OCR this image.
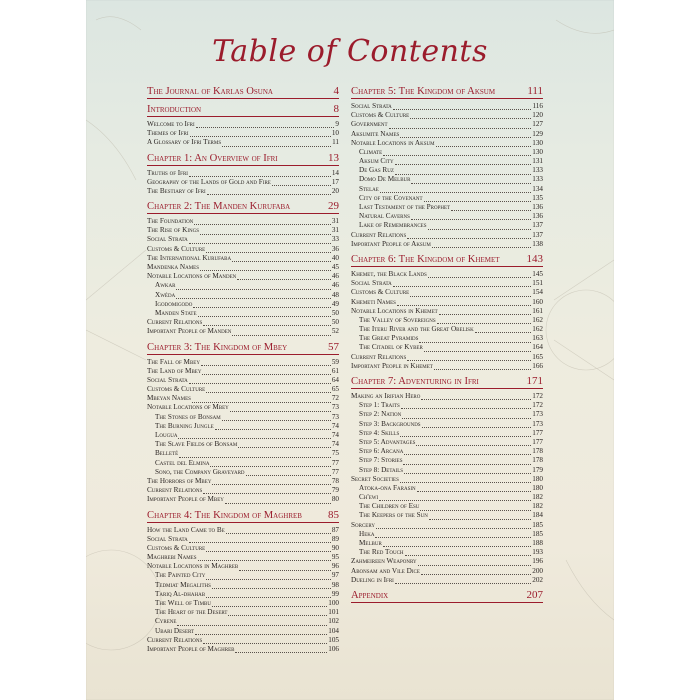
Table of Contents
The Journal of Karlas Osuna	4
Introduction	8
Welcome to Ifri	9
Themes of Ifri	10
A Glossary of Ifri Terms	11
Chapter 1: An Overview of Ifri	13
Truths of Ifri	14
Geography of the Lands of Gold and Fire	17
The Bestiary of Ifri	20
Chapter 2: The Manden Kurufaba	29
The Foundation	31
The Rise of Kings	31
Social Strata	33
Customs & Culture	36
The International Kurufaba	40
Mandenka Names	45
Notable Locations of Manden	46
Awkar	46
Xwéda	48
Igodomigodo	49
Manden State	50
Current Relations	50
Important People of Manden	52
Chapter 3: The Kingdom of Mbey	57
The Fall of Mbey	59
The Land of Mbey	61
Social Strata	64
Customs & Culture	65
Mbeyan Names	72
Notable Locations of Mbey	73
The Stones of Bonsam	73
The Burning Jungle	74
Lougua	74
The Slave Fields of Bonsam	74
Belleté	75
Castel del Elmina	77
Sono, the Company Graveyard	77
The Horrors of Mbey	78
Current Relations	79
Important People of Mbey	80
Chapter 4: The Kingdom of Maghreb 85
How the Land Came to Be	87
Social Strata	89
Customs & Culture	90
Maghrebi Names	95
Notable Locations in Maghreb	96
The Painted City	97
Tedmiat Megaliths	98
Tariq Al-dhahab	99
The Well of Timbu	100
The Heart of the Desert	101
Cyrene	102
Ubari Desert	104
Current Relations	105
Important People of Maghreb	106
Chapter 5: The Kingdom of Aksum	111
Social Strata	116
Customs & Culture	120
Government	127
Aksumite Names	129
Notable Locations in Aksum	130
Climate	130
Aksum City	131
De Gas Ruz	133
Domo De Melbur	133
Stelae	134
City of the Covenant	135
Last Testament of the Prophet	136
Natural Caverns	136
Lake of Remembrances	137
Current Relations	137
Important People of Aksum	138
Chapter 6: The Kingdom of Khemet 143
Khemet, the Black Lands	145
Social Strata	151
Customs & Culture	154
Khemeti Names	160
Notable Locations in Khemet	161
The Valley of Sovereigns	162
The Iteru River and the Great Obelisk	162
The Great Pyramids	163
The Citadel of Kyber	164
Current Relations	165
Important People in Khemet	166
Chapter 7: Adventuring in Ifri	171
Making an Irifian Hero	172
Step 1: Traits	172
Step 2: Nation	173
Step 3: Backgrounds	173
Step 4: Skills	177
Step 5: Advantages	177
Step 6: Arcana	178
Step 7: Stories	178
Step 8: Details	179
Secret Societies	180
Atoka-ona Farasin	180
Ch'ewi	182
The Children of Esu	182
The Keepers of the Sun	184
Sorcery	185
Heka	185
Melbur	188
The Red Touch	193
Zahmeireen Weaponry	196
Abonsam and Vile Dice	200
Dueling in Ifri	202
Appendix	207
